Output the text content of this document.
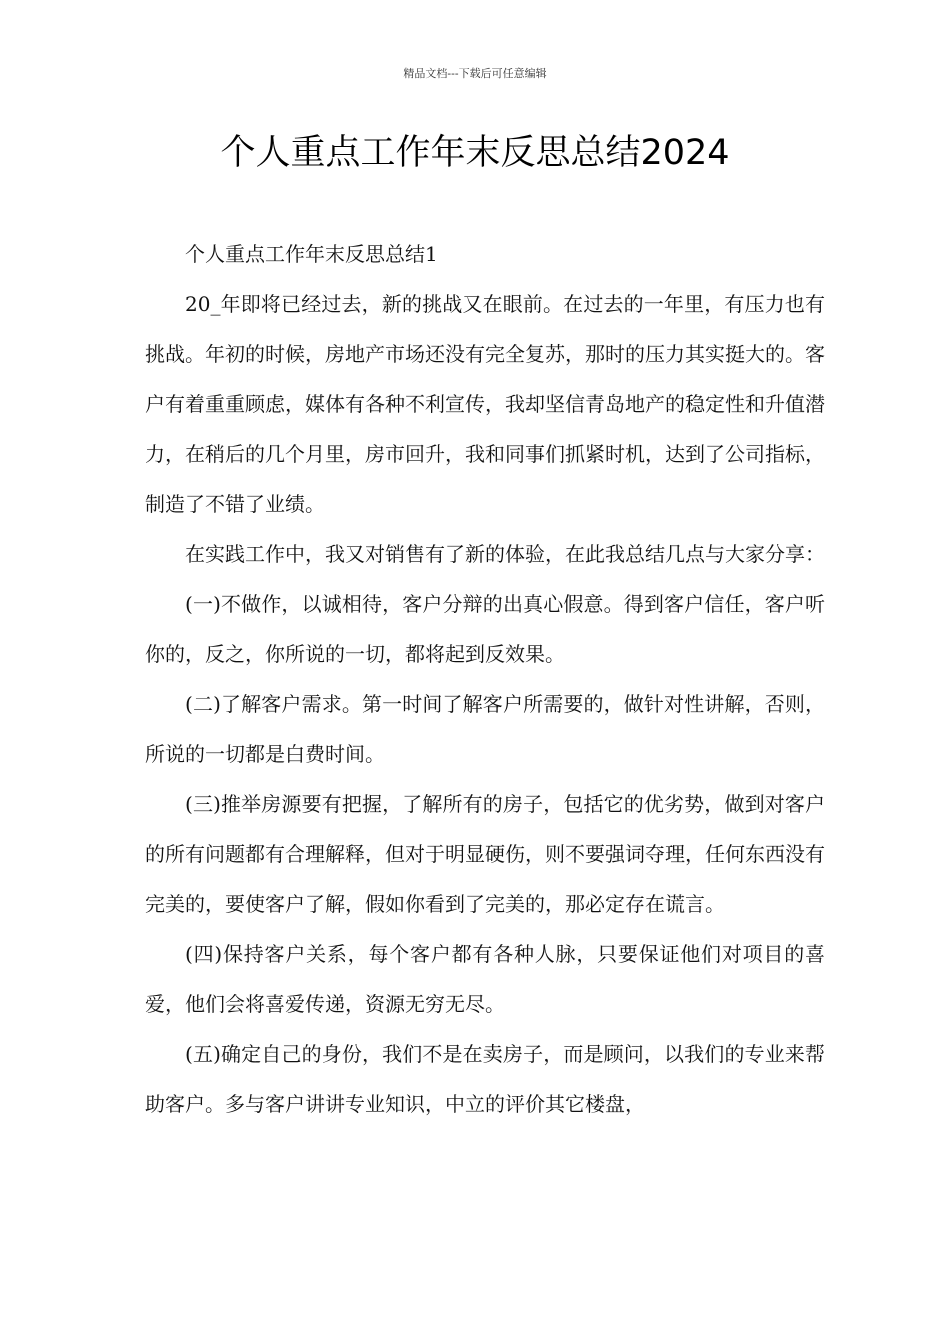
精品文档---下载后可任意编辑
个人重点工作年末反思总结2024

个人重点工作年末反思总结1

20_年即将已经过去，新的挑战又在眼前。在过去的一年里，有压力也有挑战。年初的时候，房地产市场还没有完全复苏，那时的压力其实挺大的。客户有着重重顾虑，媒体有各种不利宣传，我却坚信青岛地产的稳定性和升值潜力，在稍后的几个月里，房市回升，我和同事们抓紧时机，达到了公司指标，制造了不错了业绩。

在实践工作中，我又对销售有了新的体验，在此我总结几点与大家分享：

(一)不做作，以诚相待，客户分辩的出真心假意。得到客户信任，客户听你的，反之，你所说的一切，都将起到反效果。

(二)了解客户需求。第一时间了解客户所需要的，做针对性讲解，否则，所说的一切都是白费时间。

(三)推举房源要有把握，了解所有的房子，包括它的优劣势，做到对客户的所有问题都有合理解释，但对于明显硬伤，则不要强词夺理，任何东西没有完美的，要使客户了解，假如你看到了完美的，那必定存在谎言。

(四)保持客户关系，每个客户都有各种人脉，只要保证他们对项目的喜爱，他们会将喜爱传递，资源无穷无尽。

(五)确定自己的身份，我们不是在卖房子，而是顾问，以我们的专业来帮助客户。多与客户讲讲专业知识，中立的评价其它楼盘，
